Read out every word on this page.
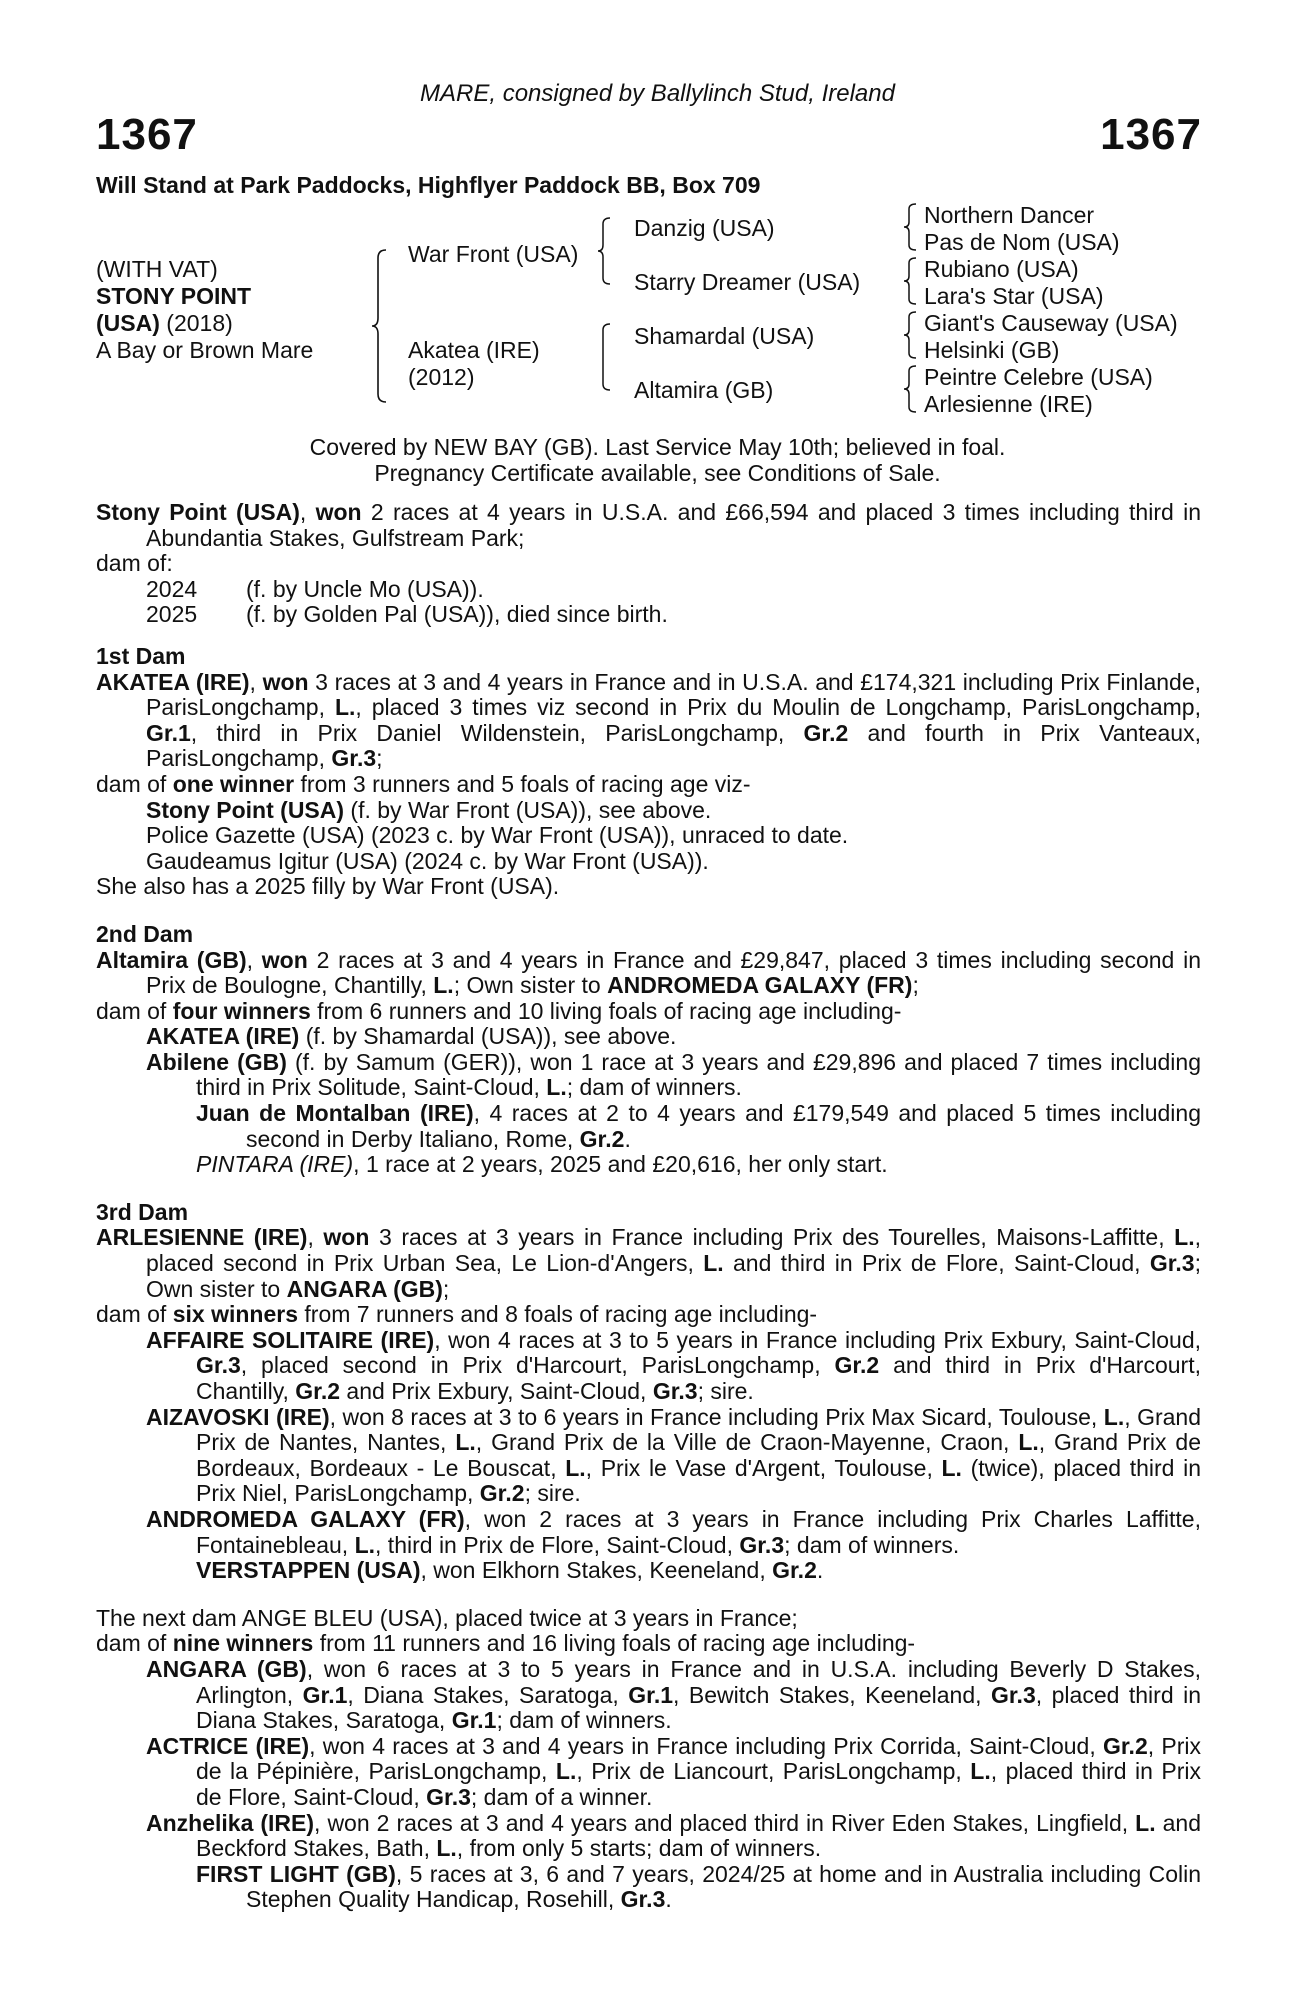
MARE, consigned by Ballylinch Stud, Ireland
1367	1367
Will Stand at Park Paddocks, Highflyer Paddock BB, Box 709
(WITH VAT)
STONY POINT
(USA) (2018)
A Bay or Brown Mare
War Front (USA)
Akatea (IRE)
(2012)
Danzig (USA)
Starry Dreamer (USA)
Shamardal (USA)
Altamira (GB)
Northern Dancer
Pas de Nom (USA)
Rubiano (USA)
Lara's Star (USA)
Giant's Causeway (USA)
Helsinki (GB)
Peintre Celebre (USA)
Arlesienne (IRE)
Covered by NEW BAY (GB). Last Service May 10th; believed in foal.
Pregnancy Certificate available, see Conditions of Sale.
Stony Point (USA), won 2 races at 4 years in U.S.A. and £66,594 and placed 3 times including third in Abundantia Stakes, Gulfstream Park;
dam of:
2024 (f. by Uncle Mo (USA)).
2025 (f. by Golden Pal (USA)), died since birth.
1st Dam
AKATEA (IRE), won 3 races at 3 and 4 years in France and in U.S.A. and £174,321 including Prix Finlande, ParisLongchamp, L., placed 3 times viz second in Prix du Moulin de Longchamp, ParisLongchamp, Gr.1, third in Prix Daniel Wildenstein, ParisLongchamp, Gr.2 and fourth in Prix Vanteaux, ParisLongchamp, Gr.3;
dam of one winner from 3 runners and 5 foals of racing age viz-
Stony Point (USA) (f. by War Front (USA)), see above.
Police Gazette (USA) (2023 c. by War Front (USA)), unraced to date.
Gaudeamus Igitur (USA) (2024 c. by War Front (USA)).
She also has a 2025 filly by War Front (USA).
2nd Dam
Altamira (GB), won 2 races at 3 and 4 years in France and £29,847, placed 3 times including second in Prix de Boulogne, Chantilly, L.; Own sister to ANDROMEDA GALAXY (FR);
dam of four winners from 6 runners and 10 living foals of racing age including-
AKATEA (IRE) (f. by Shamardal (USA)), see above.
Abilene (GB) (f. by Samum (GER)), won 1 race at 3 years and £29,896 and placed 7 times including third in Prix Solitude, Saint-Cloud, L.; dam of winners.
Juan de Montalban (IRE), 4 races at 2 to 4 years and £179,549 and placed 5 times including second in Derby Italiano, Rome, Gr.2.
PINTARA (IRE), 1 race at 2 years, 2025 and £20,616, her only start.
3rd Dam
ARLESIENNE (IRE), won 3 races at 3 years in France including Prix des Tourelles, Maisons-Laffitte, L., placed second in Prix Urban Sea, Le Lion-d'Angers, L. and third in Prix de Flore, Saint-Cloud, Gr.3; Own sister to ANGARA (GB);
dam of six winners from 7 runners and 8 foals of racing age including-
AFFAIRE SOLITAIRE (IRE), won 4 races at 3 to 5 years in France including Prix Exbury, Saint-Cloud, Gr.3, placed second in Prix d'Harcourt, ParisLongchamp, Gr.2 and third in Prix d'Harcourt, Chantilly, Gr.2 and Prix Exbury, Saint-Cloud, Gr.3; sire.
AIZAVOSKI (IRE), won 8 races at 3 to 6 years in France including Prix Max Sicard, Toulouse, L., Grand Prix de Nantes, Nantes, L., Grand Prix de la Ville de Craon-Mayenne, Craon, L., Grand Prix de Bordeaux, Bordeaux - Le Bouscat, L., Prix le Vase d'Argent, Toulouse, L. (twice), placed third in Prix Niel, ParisLongchamp, Gr.2; sire.
ANDROMEDA GALAXY (FR), won 2 races at 3 years in France including Prix Charles Laffitte, Fontainebleau, L., third in Prix de Flore, Saint-Cloud, Gr.3; dam of winners.
VERSTAPPEN (USA), won Elkhorn Stakes, Keeneland, Gr.2.
The next dam ANGE BLEU (USA), placed twice at 3 years in France;
dam of nine winners from 11 runners and 16 living foals of racing age including-
ANGARA (GB), won 6 races at 3 to 5 years in France and in U.S.A. including Beverly D Stakes, Arlington, Gr.1, Diana Stakes, Saratoga, Gr.1, Bewitch Stakes, Keeneland, Gr.3, placed third in Diana Stakes, Saratoga, Gr.1; dam of winners.
ACTRICE (IRE), won 4 races at 3 and 4 years in France including Prix Corrida, Saint-Cloud, Gr.2, Prix de la Pépinière, ParisLongchamp, L., Prix de Liancourt, ParisLongchamp, L., placed third in Prix de Flore, Saint-Cloud, Gr.3; dam of a winner.
Anzhelika (IRE), won 2 races at 3 and 4 years and placed third in River Eden Stakes, Lingfield, L. and Beckford Stakes, Bath, L., from only 5 starts; dam of winners.
FIRST LIGHT (GB), 5 races at 3, 6 and 7 years, 2024/25 at home and in Australia including Colin Stephen Quality Handicap, Rosehill, Gr.3.
